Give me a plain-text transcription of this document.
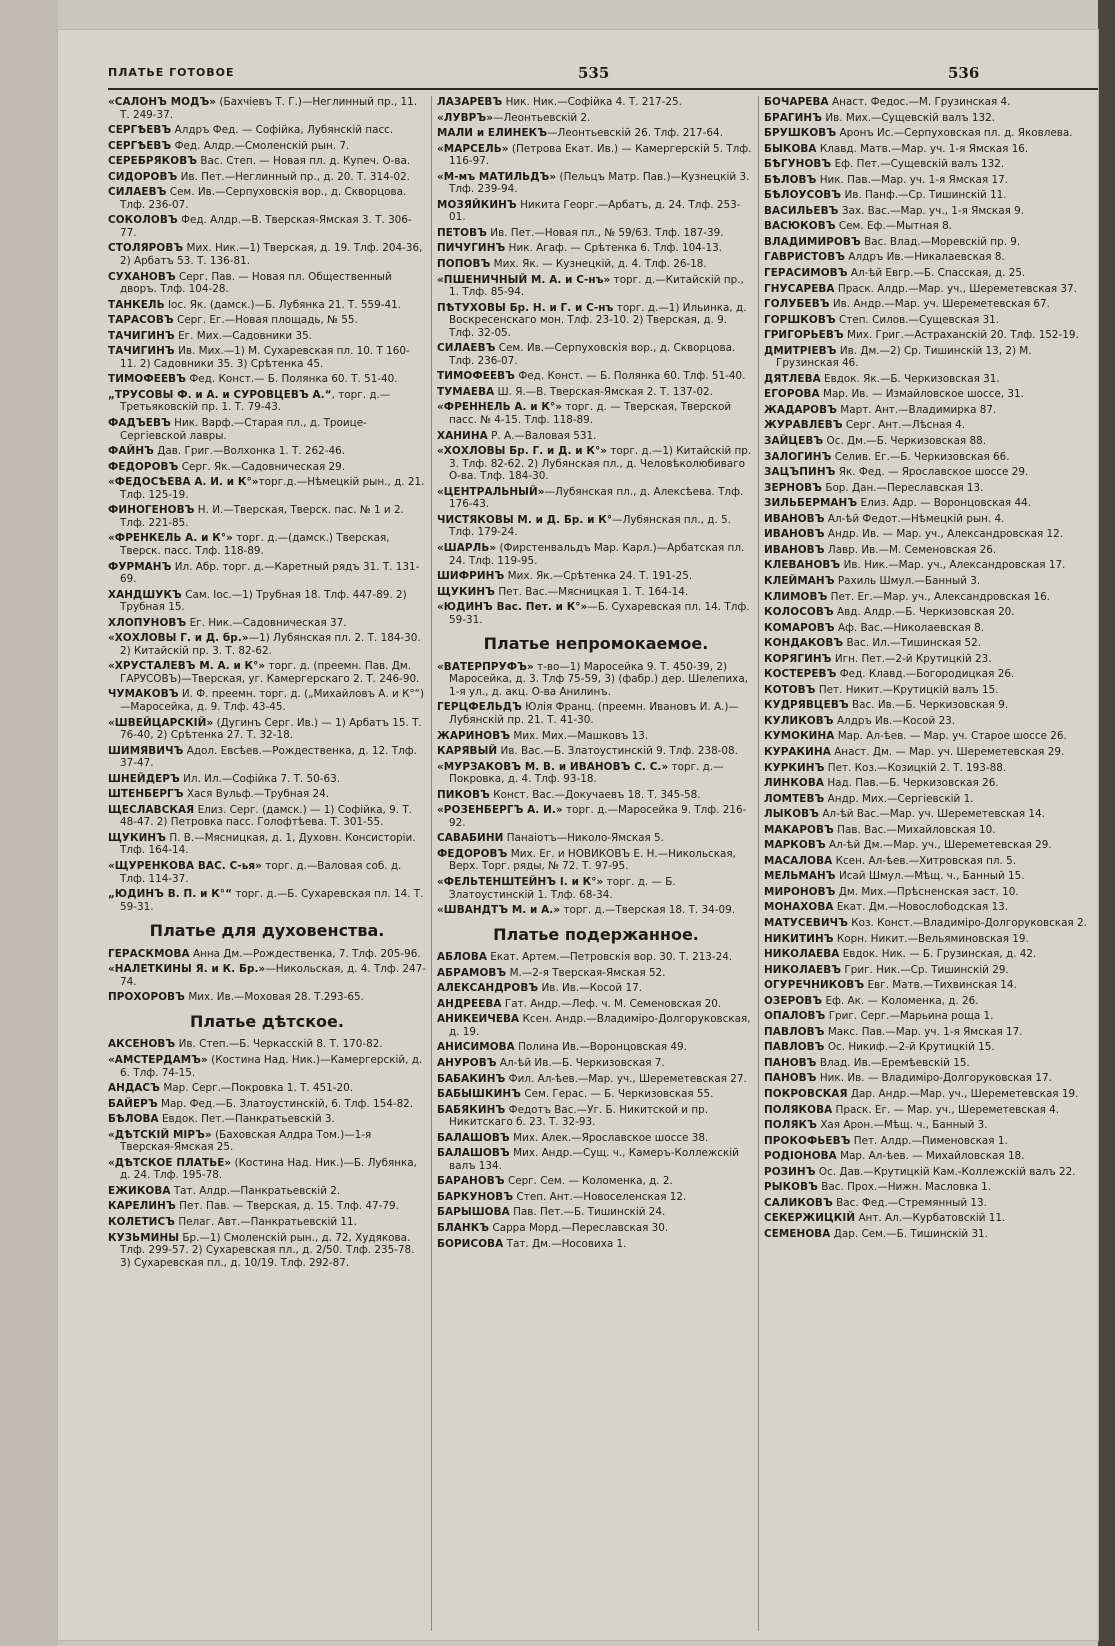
ПЛАТЬЕ ГОТОВОЕ	535	536
«САЛОНЪ МОДЪ» (Бахчіевъ Т. Г.)—Неглинный пр., 11. Т. 249-37.
СЕРГѢЕВЪ Алдръ Фед. — Софійка, Лубянскій пасс.
СЕРГѢЕВЪ Фед. Алдр.—Смоленскій рын. 7.
СЕРЕБРЯКОВЪ Вас. Степ. — Новая пл. д. Купеч. О-ва.
СИДОРОВЪ Ив. Пет.—Неглинный пр., д. 20. Т. 314-02.
СИЛАЕВЪ Сем. Ив.—Серпуховскія вор., д. Скворцова. Тлф. 236-07.
СОКОЛОВЪ Фед. Алдр.—В. Тверская-Ямская 3. Т. 306-77.
СТОЛЯРОВЪ Мих. Ник.—1) Тверская, д. 19. Тлф. 204-36, 2) Арбатъ 53. Т. 136-81.
СУХАНОВЪ Серг. Пав. — Новая пл. Общественный дворъ. Тлф. 104-28.
ТАНКЕЛЬ Іос. Як. (дамск.)—Б. Лубянка 21. Т. 559-41.
ТАРАСОВЪ Серг. Ег.—Новая площадь, № 55.
ТАЧИГИНЪ Ег. Мих.—Садовники 35.
ТАЧИГИНЪ Ив. Мих.—1) М. Сухаревская пл. 10. Т 160-11. 2) Садовники 35. 3) Срѣтенка 45.
ТИМОФЕЕВЪ Фед. Конст.— Б. Полянка 60. Т. 51-40.
„ТРУСОВЫ Ф. и А. и СУРОВЦЕВЪ А.“, торг. д.—Третьяковскій пр. 1. Т. 79-43.
ФАДЪЕВЪ Ник. Варф.—Старая пл., д. Троице-Сергіевской лавры.
ФАЙНЪ Дав. Григ.—Волхонка 1. Т. 262-46.
ФЕДОРОВЪ Серг. Як.—Садовническая 29.
«ФЕДОСѢЕВА А. И. и К°»торг.д.—Нѣмецкій рын., д. 21. Тлф. 125-19.
ФИНОГЕНОВЪ Н. И.—Тверская, Тверск. пас. № 1 и 2. Тлф. 221-85.
«ФРЕНКЕЛЬ А. и К°» торг. д.—(дамск.) Тверская, Тверск. пасс. Тлф. 118-89.
ФУРМАНЪ Ил. Абр. торг. д.—Каретный рядъ 31. Т. 131-69.
ХАНДШУКЪ Сам. Іос.—1) Трубная 18. Тлф. 447-89. 2) Трубная 15.
ХЛОПУНОВЪ Ег. Ник.—Садовническая 37.
«ХОХЛОВЫ Г. и Д. бр.»—1) Лубянская пл. 2. Т. 184-30. 2) Китайскій пр. 3. Т. 82-62.
«ХРУСТАЛЕВЪ М. А. и К°» торг. д. (преемн. Пав. Дм. ГАРУСОВЪ)—Тверская, уг. Камергерскаго 2. Т. 246-90.
ЧУМАКОВЪ И. Ф. преемн. торг. д. („Михайловъ А. и К°“)—Маросейка, д. 9. Тлф. 43-45.
«ШВЕЙЦАРСКІЙ» (Дугинъ Серг. Ив.) — 1) Арбатъ 15. Т. 76-40, 2) Срѣтенка 27. Т. 32-18.
ШИМЯВИЧЪ Адол. Евсѣев.—Рождественка, д. 12. Тлф. 37-47.
ШНЕЙДЕРЪ Ил. Ил.—Софійка 7. Т. 50-63.
ШТЕНБЕРГЪ Хася Вульф.—Трубная 24.
ЩЕСЛАВСКАЯ Елиз. Серг. (дамск.) — 1) Софійка, 9. Т. 48-47. 2) Петровка пасс. Голофтѣева. Т. 301-55.
ЩУКИНЪ П. В.—Мясницкая, д. 1, Духовн. Консисторіи. Тлф. 164-14.
«ЩУРЕНКОВА ВАС. С-ья» торг. д.—Валовая соб. д. Тлф. 114-37.
„ЮДИНЪ В. П. и К°“ торг. д.—Б. Сухаревская пл. 14. Т. 59-31.
Платье для духовенства.
ГЕРАСКМОВА Анна Дм.—Рождественка, 7. Тлф. 205-96.
«НАЛЕТКИНЫ Я. и К. Бр.»—Никольская, д. 4. Тлф. 247-74.
ПРОХОРОВЪ Мих. Ив.—Моховая 28. Т.293-65.
Платье дѣтское.
АКСЕНОВЪ Ив. Степ.—Б. Черкасскій 8. Т. 170-82.
«АМСТЕРДАМЪ» (Костина Над. Ник.)—Камергерскій, д. 6. Тлф. 74-15.
АНДАСЪ Мар. Серг.—Покровка 1. Т. 451-20.
БАЙЕРЪ Мар. Фед.—Б. Златоустинскій, 6. Тлф. 154-82.
БѢЛОВА Евдок. Пет.—Панкратьевскій 3.
«ДѢТСКІЙ МІРЪ» (Баховская Алдра Том.)—1-я Тверская-Ямская 25.
«ДѢТСКОЕ ПЛАТЬЕ» (Костина Над. Ник.)—Б. Лубянка, д. 24. Тлф. 195-78.
ЕЖИКОВА Тат. Алдр.—Панкратьевскій 2.
КАРЕЛИНЪ Пет. Пав. — Тверская, д. 15. Тлф. 47-79.
КОЛЕТИСЪ Пелаг. Авт.—Панкратьевскій 11.
КУЗЬМИНЫ Бр.—1) Смоленскій рын., д. 72, Худякова. Тлф. 299-57. 2) Сухаревская пл., д. 2/50. Тлф. 235-78. 3) Сухаревская пл., д. 10/19. Тлф. 292-87.
ЛАЗАРЕВЪ Ник. Ник.—Софійка 4. Т. 217-25.
«ЛУВРЪ»—Леонтьевскій 2.
МАЛИ и ЕЛИНЕКЪ—Леонтьевскій 26. Тлф. 217-64.
«МАРСЕЛЬ» (Петрова Екат. Ив.) — Камергерскій 5. Тлф. 116-97.
«М-мъ МАТИЛЬДЪ» (Пельцъ Матр. Пав.)—Кузнецкій 3. Тлф. 239-94.
МОЗЯЙКИНЪ Никита Георг.—Арбатъ, д. 24. Тлф. 253-01.
ПЕТОВЪ Ив. Пет.—Новая пл., № 59/63. Тлф. 187-39.
ПИЧУГИНЪ Ник. Агаф. — Срѣтенка 6. Тлф. 104-13.
ПОПОВЪ Мих. Як. — Кузнецкій, д. 4. Тлф. 26-18.
«ПШЕНИЧНЫЙ М. А. и С-нъ» торг. д.—Китайскій пр., 1. Тлф. 85-94.
ПѢТУХОВЫ Бр. Н. и Г. и С-нъ торг. д.—1) Ильинка, д. Воскресенскаго мон. Тлф. 23-10. 2) Тверская, д. 9. Тлф. 32-05.
СИЛАЕВЪ Сем. Ив.—Серпуховскія вор., д. Скворцова. Тлф. 236-07.
ТИМОФЕЕВЪ Фед. Конст. — Б. Полянка 60. Тлф. 51-40.
ТУМАЕВА Ш. Я.—В. Тверская-Ямская 2. Т. 137-02.
«ФРЕННЕЛЬ А. и К°» торг. д. — Тверская, Тверской пасс. № 4-15. Тлф. 118-89.
ХАНИНА Р. А.—Валовая 531.
«ХОХЛОВЫ Бр. Г. и Д. и К°» торг. д.—1) Китайскій пр. 3. Тлф. 82-62. 2) Лубянская пл., д. Человѣколюбиваго О-ва. Тлф. 184-30.
«ЦЕНТРАЛЬНЫЙ»—Лубянская пл., д. Алексѣева. Тлф. 176-43.
ЧИСТЯКОВЫ М. и Д. Бр. и К°—Лубянская пл., д. 5. Тлф. 179-24.
«ШАРЛЬ» (Фирстенвальдъ Мар. Карл.)—Арбатская пл. 24. Тлф. 119-95.
ШИФРИНЪ Мих. Як.—Срѣтенка 24. Т. 191-25.
ЩУКИНЪ Пет. Вас.—Мясницкая 1. Т. 164-14.
«ЮДИНЪ Вас. Пет. и К°»—Б. Сухаревская пл. 14. Тлф. 59-31.
Платье непромокаемое.
«ВАТЕРПРУФЪ» т-во—1) Маросейка 9. Т. 450-39, 2) Маросейка, д. 3. Тлф 75-59, 3) (фабр.) дер. Шелепиха, 1-я ул., д. акц. О-ва Анилинъ.
ГЕРЦФЕЛЬДЪ Юлія Франц. (преемн. Ивановъ И. А.)—Лубянскій пр. 21. Т. 41-30.
ЖАРИНОВЪ Мих. Мих.—Машковъ 13.
КАРЯВЫЙ Ив. Вас.—Б. Златоустинскій 9. Тлф. 238-08.
«МУРЗАКОВЪ М. В. и ИВАНОВЪ С. С.» торг. д.—Покровка, д. 4. Тлф. 93-18.
ПИКОВЪ Конст. Вас.—Докучаевъ 18. Т. 345-58.
«РОЗЕНБЕРГЪ А. И.» торг. д.—Маросейка 9. Тлф. 216-92.
САВАБИНИ Панаіотъ—Николо-Ямская 5.
ФЕДОРОВЪ Мих. Ег. и НОВИКОВЪ Е. Н.—Никольская, Верх. Торг. ряды, № 72. Т. 97-95.
«ФЕЛЬТЕНШТЕЙНЪ I. и К°» торг. д. — Б. Златоустинскій 1. Тлф. 68-34.
«ШВАНДТЪ М. и А.» торг. д.—Тверская 18. Т. 34-09.
Платье подержанное.
АБЛОВА Екат. Артем.—Петровскія вор. 30. Т. 213-24.
АБРАМОВЪ М.—2-я Тверская-Ямская 52.
АЛЕКСАНДРОВЪ Ив. Ив.—Косой 17.
АНДРЕЕВА Гат. Андр.—Леф. ч. М. Семеновская 20.
АНИКЕИЧЕВА Ксен. Андр.—Владиміро-Долгоруковская, д. 19.
АНИСИМОВА Полина Ив.—Воронцовская 49.
АНУРОВЪ Ал-ѣй Ив.—Б. Черкизовская 7.
БАБАКИНЪ Фил. Ал-ѣев.—Мар. уч., Шереметевская 27.
БАБЫШКИНЪ Сем. Герас. — Б. Черкизовская 55.
БАБЯКИНЪ Федотъ Вас.—Уг. Б. Никитской и пр. Никитскаго б. 23. Т. 32-93.
БАЛАШОВЪ Мих. Алек.—Ярославское шоссе 38.
БАЛАШОВЪ Мих. Андр.—Сущ. ч., Камеръ-Коллежскій валъ 134.
БАРАНОВЪ Серг. Сем. — Коломенка, д. 2.
БАРКУНОВЪ Степ. Ант.—Новоселенская 12.
БАРЫШОВА Пав. Пет.—Б. Тишинскій 24.
БЛАНКЪ Сарра Морд.—Переславская 30.
БОРИСОВА Тат. Дм.—Носовиха 1.
БОЧАРЕВА Анаст. Федос.—М. Грузинская 4.
БРАГИНЪ Ив. Мих.—Сущевскій валъ 132.
БРУШКОВЪ Аронъ Ис.—Серпуховская пл. д. Яковлева.
БЫКОВА Клавд. Матв.—Мар. уч. 1-я Ямская 16.
БѢГУНОВЪ Еф. Пет.—Сущевскій валъ 132.
БѢЛОВЪ Ник. Пав.—Мар. уч. 1-я Ямская 17.
БѢЛОУСОВЪ Ив. Панф.—Ср. Тишинскій 11.
ВАСИЛЬЕВЪ Зах. Вас.—Мар. уч., 1-я Ямская 9.
ВАСЮКОВЪ Сем. Еф.—Мытная 8.
ВЛАДИМИРОВЪ Вас. Влад.—Моревскій пр. 9.
ГАВРИСТОВЪ Алдръ Ив.—Никалаевская 8.
ГЕРАСИМОВЪ Ал-ѣй Евгр.—Б. Спасская, д. 25.
ГНУСАРЕВА Праск. Алдр.—Мар. уч., Шереметевская 37.
ГОЛУБЕВЪ Ив. Андр.—Мар. уч. Шереметевская 67.
ГОРШКОВЪ Степ. Силов.—Сущевская 31.
ГРИГОРЬЕВЪ Мих. Григ.—Астраханскій 20. Тлф. 152-19.
ДМИТРІЕВЪ Ив. Дм.—2) Ср. Тишинскій 13, 2) М. Грузинская 46.
ДЯТЛЕВА Евдок. Як.—Б. Черкизовская 31.
ЕГОРОВА Мар. Ив. — Измайловское шоссе, 31.
ЖАДАРОВЪ Март. Ант.—Владимирка 87.
ЖУРАВЛЕВЪ Серг. Ант.—Лѣсная 4.
ЗАЙЦЕВЪ Ос. Дм.—Б. Черкизовская 88.
ЗАЛОГИНЪ Селив. Ег.—Б. Черкизовская 66.
ЗАЦЪПИНЪ Як. Фед. — Ярославское шоссе 29.
ЗЕРНОВЪ Бор. Дан.—Переславская 13.
ЗИЛЬБЕРМАНЪ Елиз. Адр. — Воронцовская 44.
ИВАНОВЪ Ал-ѣй Федот.—Нѣмецкій рын. 4.
ИВАНОВЪ Андр. Ив. — Мар. уч., Александровская 12.
ИВАНОВЪ Лавр. Ив.—М. Семеновская 26.
КЛЕВАНОВЪ Ив. Ник.—Мар. уч., Александровская 17.
КЛЕЙМАНЪ Рахиль Шмул.—Банный 3.
КЛИМОВЪ Пет. Ег.—Мар. уч., Александровская 16.
КОЛОСОВЪ Авд. Алдр.—Б. Черкизовская 20.
КОМАРОВЪ Аф. Вас.—Николаевская 8.
КОНДАКОВЪ Вас. Ил.—Тишинская 52.
КОРЯГИНЪ Игн. Пет.—2-й Крутицкій 23.
КОСТЕРЕВЪ Фед. Клавд.—Богородицкая 26.
КОТОВЪ Пет. Никит.—Крутицкій валъ 15.
КУДРЯВЦЕВЪ Вас. Ив.—Б. Черкизовская 9.
КУЛИКОВЪ Алдръ Ив.—Косой 23.
КУМОКИНА Мар. Ал-ѣев. — Мар. уч. Старое шоссе 26.
КУРАКИНА Анаст. Дм. — Мар. уч. Шереметевская 29.
КУРКИНЪ Пет. Коз.—Козицкій 2. Т. 193-88.
ЛИНКОВА Над. Пав.—Б. Черкизовская 26.
ЛОМТЕВЪ Андр. Мих.—Сергіевскій 1.
ЛЫКОВЪ Ал-ѣй Вас.—Мар. уч. Шереметевская 14.
МАКАРОВЪ Пав. Вас.—Михайловская 10.
МАРКОВЪ Ал-ѣй Дм.—Мар. уч., Шереметевская 29.
МАСАЛОВА Ксен. Ал-ѣев.—Хитровская пл. 5.
МЕЛЬМАНЪ Исай Шмул.—Мѣщ. ч., Банный 15.
МИРОНОВЪ Дм. Мих.—Прѣсненская заст. 10.
МОНАХОВА Екат. Дм.—Новослободская 13.
МАТУСЕВИЧЪ Коз. Конст.—Владиміро-Долгоруковская 2.
НИКИТИНЪ Корн. Никит.—Вельяминовская 19.
НИКОЛАЕВА Евдок. Ник. — Б. Грузинская, д. 42.
НИКОЛАЕВЪ Григ. Ник.—Ср. Тишинскій 29.
ОГУРЕЧНИКОВЪ Евг. Матв.—Тихвинская 14.
ОЗЕРОВЪ Еф. Ак. — Коломенка, д. 26.
ОПАЛОВЪ Григ. Серг.—Марьина роща 1.
ПАВЛОВЪ Макс. Пав.—Мар. уч. 1-я Ямская 17.
ПАВЛОВЪ Ос. Никиф.—2-й Крутицкій 15.
ПАНОВЪ Влад. Ив.—Еремѣевскій 15.
ПАНОВЪ Ник. Ив. — Владиміро-Долгоруковская 17.
ПОКРОВСКАЯ Дар. Андр.—Мар. уч., Шереметевская 19.
ПОЛЯКОВА Праск. Ег. — Мар. уч., Шереметевская 4.
ПОЛЯКЪ Хая Арон.—Мѣщ. ч., Банный 3.
ПРОКОФЬЕВЪ Пет. Алдр.—Пименовская 1.
РОДІОНОВА Мар. Ал-ѣев. — Михайловская 18.
РОЗИНЪ Ос. Дав.—Крутицкій Кам.-Коллежскій валъ 22.
РЫКОВЪ Вас. Прох.—Нижн. Масловка 1.
САЛИКОВЪ Вас. Фед.—Стремянный 13.
СЕКЕРЖИЦКІЙ Ант. Ал.—Курбатовскій 11.
СЕМЕНОВА Дар. Сем.—Б. Тишинскій 31.
